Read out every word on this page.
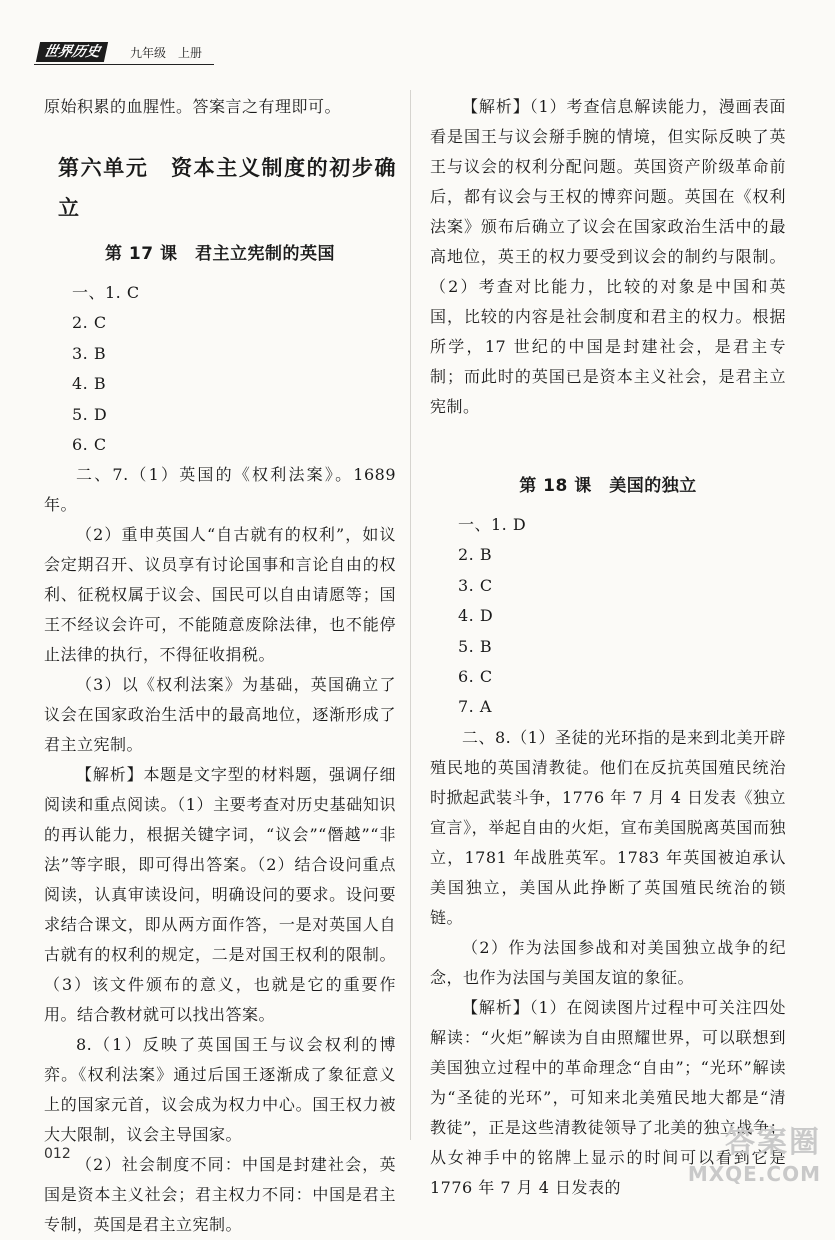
世界历史	九年级　上册

原始积累的血腥性。答案言之有理即可。

第六单元　资本主义制度的初步确立

第 17 课　君主立宪制的英国

一、1. C

2. C

3. B

4. B

5. D

6. C

二、7.（1）英国的《权利法案》。1689 年。

（2）重申英国人“自古就有的权利”，如议会定期召开、议员享有讨论国事和言论自由的权利、征税权属于议会、国民可以自由请愿等；国王不经议会许可，不能随意废除法律，也不能停止法律的执行，不得征收捐税。

（3）以《权利法案》为基础，英国确立了议会在国家政治生活中的最高地位，逐渐形成了君主立宪制。

【解析】本题是文字型的材料题，强调仔细阅读和重点阅读。（1）主要考查对历史基础知识的再认能力，根据关键字词，“议会”“僭越”“非法”等字眼，即可得出答案。（2）结合设问重点阅读，认真审读设问，明确设问的要求。设问要求结合课文，即从两方面作答，一是对英国人自古就有的权利的规定，二是对国王权利的限制。（3）该文件颁布的意义，也就是它的重要作用。结合教材就可以找出答案。

8.（1）反映了英国国王与议会权利的博弈。《权利法案》通过后国王逐渐成了象征意义上的国家元首，议会成为权力中心。国王权力被大大限制，议会主导国家。

（2）社会制度不同：中国是封建社会，英国是资本主义社会；君主权力不同：中国是君主专制，英国是君主立宪制。

【解析】（1）考查信息解读能力，漫画表面看是国王与议会掰手腕的情境，但实际反映了英王与议会的权利分配问题。英国资产阶级革命前后，都有议会与王权的博弈问题。英国在《权利法案》颁布后确立了议会在国家政治生活中的最高地位，英王的权力要受到议会的制约与限制。（2）考查对比能力，比较的对象是中国和英国，比较的内容是社会制度和君主的权力。根据所学，17 世纪的中国是封建社会，是君主专制；而此时的英国已是资本主义社会，是君主立宪制。

第 18 课　美国的独立

一、1. D

2. B

3. C

4. D

5. B

6. C

7. A

二、8.（1）圣徒的光环指的是来到北美开辟殖民地的英国清教徒。他们在反抗英国殖民统治时掀起武装斗争，1776 年 7 月 4 日发表《独立宣言》，举起自由的火炬，宣布美国脱离英国而独立，1781 年战胜英军。1783 年英国被迫承认美国独立，美国从此挣断了英国殖民统治的锁链。

（2）作为法国参战和对美国独立战争的纪念，也作为法国与美国友谊的象征。

【解析】（1）在阅读图片过程中可关注四处解读：“火炬”解读为自由照耀世界，可以联想到美国独立过程中的革命理念“自由”；“光环”解读为“圣徒的光环”，可知来北美殖民地大都是“清教徒”，正是这些清教徒领导了北美的独立战争；从女神手中的铭牌上显示的时间可以看到它是 1776 年 7 月 4 日发表的

012	答案圈
MXQE.COM
